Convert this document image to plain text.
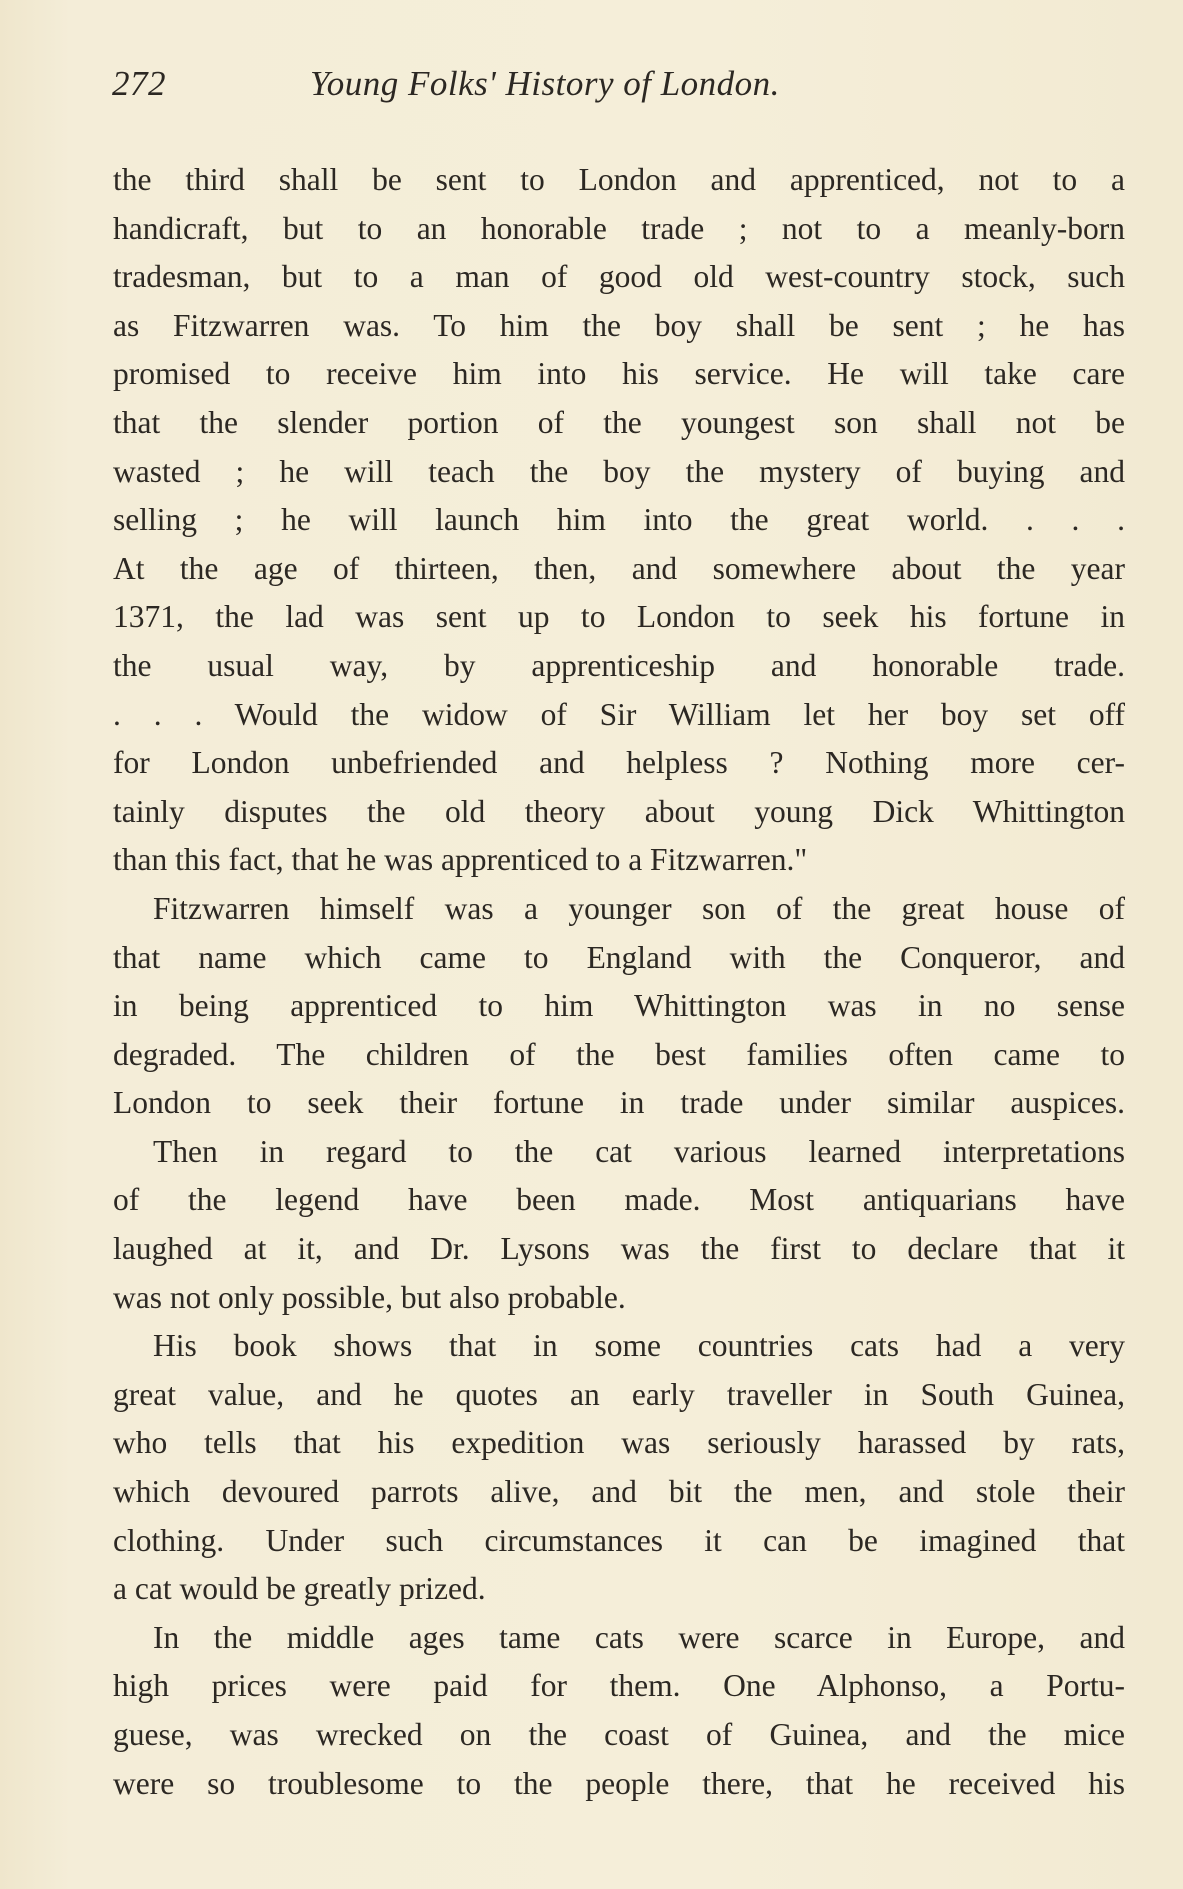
272	Young Folks' History of London.
the third shall be sent to London and apprenticed, not to a
handicraft, but to an honorable trade ; not to a meanly-born
tradesman, but to a man of good old west-country stock, such
as Fitzwarren was. To him the boy shall be sent ; he has
promised to receive him into his service. He will take care
that the slender portion of the youngest son shall not be
wasted ; he will teach the boy the mystery of buying and
selling ; he will launch him into the great world. . . .
At the age of thirteen, then, and somewhere about the year
1371, the lad was sent up to London to seek his fortune in
the usual way, by apprenticeship and honorable trade.
. . . Would the widow of Sir William let her boy set off
for London unbefriended and helpless ? Nothing more cer-
tainly disputes the old theory about young Dick Whittington
than this fact, that he was apprenticed to a Fitzwarren."
Fitzwarren himself was a younger son of the great house of
that name which came to England with the Conqueror, and
in being apprenticed to him Whittington was in no sense
degraded. The children of the best families often came to
London to seek their fortune in trade under similar auspices.
Then in regard to the cat various learned interpretations
of the legend have been made. Most antiquarians have
laughed at it, and Dr. Lysons was the first to declare that it
was not only possible, but also probable.
His book shows that in some countries cats had a very
great value, and he quotes an early traveller in South Guinea,
who tells that his expedition was seriously harassed by rats,
which devoured parrots alive, and bit the men, and stole their
clothing. Under such circumstances it can be imagined that
a cat would be greatly prized.
In the middle ages tame cats were scarce in Europe, and
high prices were paid for them. One Alphonso, a Portu-
guese, was wrecked on the coast of Guinea, and the mice
were so troublesome to the people there, that he received his
